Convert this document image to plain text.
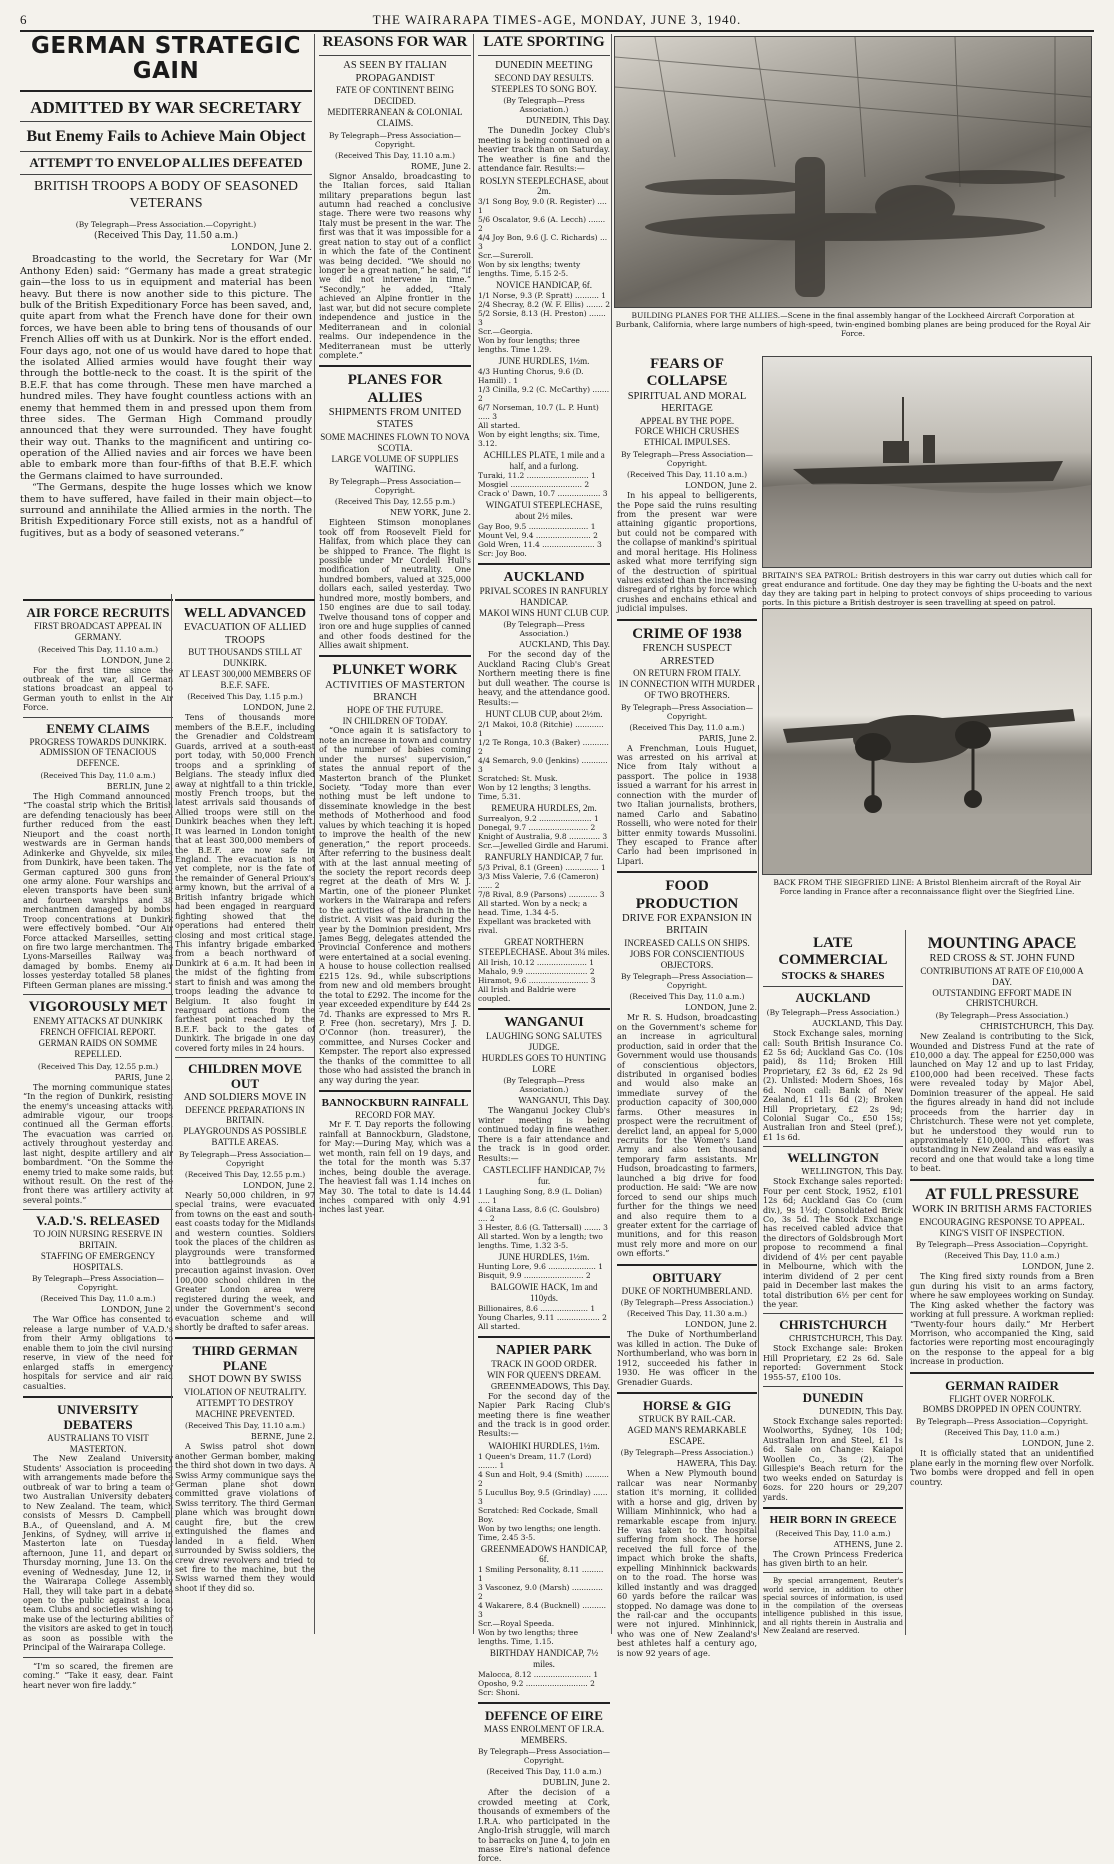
6	THE WAIRARAPA TIMES-AGE, MONDAY, JUNE 3, 1940.
GERMAN STRATEGIC GAIN
ADMITTED BY WAR SECRETARY
But Enemy Fails to Achieve Main Object
ATTEMPT TO ENVELOP ALLIES DEFEATED
BRITISH TROOPS A BODY OF SEASONED VETERANS
(By Telegraph—Press Association.—Copyright.)
(Received This Day, 11.50 a.m.)
LONDON, June 2.

Broadcasting to the world, the Secretary for War (Mr Anthony Eden) said: “Germany has made a great strategic gain—the loss to us in equipment and material has been heavy. But there is now another side to this picture. The bulk of the British Expeditionary Force has been saved, and, quite apart from what the French have done for their own forces, we have been able to bring tens of thousands of our French Allies off with us at Dunkirk. Nor is the effort ended. Four days ago, not one of us would have dared to hope that the isolated Allied armies would have fought their way through the bottle-neck to the coast. It is the spirit of the B.E.F. that has come through. These men have marched a hundred miles. They have fought countless actions with an enemy that hemmed them in and pressed upon them from three sides. The German High Command proudly announced that they were surrounded. They have fought their way out. Thanks to the magnificent and untiring co-operation of the Allied navies and air forces we have been able to embark more than four-fifths of that B.E.F. which the Germans claimed to have surrounded.

“The Germans, despite the huge losses which we know them to have suffered, have failed in their main object—to surround and annihilate the Allied armies in the north. The British Expeditionary Force still exists, not as a handful of fugitives, but as a body of seasoned veterans.”

AIR FORCE RECRUITS
FIRST BROADCAST APPEAL IN GERMANY.
(Received This Day, 11.10 a.m.)
LONDON, June 2.

For the first time since the outbreak of the war, all German stations broadcast an appeal to German youth to enlist in the Air Force.

ENEMY CLAIMS
PROGRESS TOWARDS DUNKIRK.
ADMISSION OF TENACIOUS DEFENCE.
(Received This Day, 11.0 a.m.)
BERLIN, June 2.

The High Command announced: “The coastal strip which the British are defending tenaciously has been further reduced from the east. Nieuport and the coast north-westwards are in German hands. Adinkerke and Ghyvelde, six miles from Dunkirk, have been taken. The German captured 300 guns from one army alone. Four warships and eleven transports have been sunk and fourteen warships and 38 merchantmen damaged by bombs. Troop concentrations at Dunkirk were effectively bombed. “Our Air Force attacked Marseilles, setting on fire two large merchantmen. The Lyons-Marseilles Railway was damaged by bombs. Enemy air losses yesterday totalled 58 planes. Fifteen German planes are missing.”

VIGOROUSLY MET
ENEMY ATTACKS AT DUNKIRK
FRENCH OFFICIAL REPORT.
GERMAN RAIDS ON SOMME REPELLED.
(Received This Day, 12.55 p.m.)
PARIS, June 2.

The morning communique states: “In the region of Dunkirk, resisting the enemy's unceasing attacks with admirable vigour, our troops continued all the German efforts. The evacuation was carried on actively throughout yesterday and last night, despite artillery and air bombardment. “On the Somme the enemy tried to make some raids, but without result. On the rest of the front there was artillery activity at several points.”

V.A.D.'S. RELEASED
TO JOIN NURSING RESERVE IN BRITAIN.
STAFFING OF EMERGENCY HOSPITALS.
By Telegraph—Press Association—Copyright.
(Received This Day, 11.0 a.m.)
LONDON, June 2.

The War Office has consented to release a large number of V.A.D.'s from their Army obligations to enable them to join the civil nursing reserve, in view of the need for enlarged staffs in emergency hospitals for service and air raid casualties.

UNIVERSITY DEBATERS
AUSTRALIANS TO VISIT MASTERTON.

The New Zealand University Students' Association is proceeding with arrangements made before the outbreak of war to bring a team of two Australian University debaters to New Zealand. The team, which consists of Messrs D. Campbell, B.A., of Queensland, and A. M. Jenkins, of Sydney, will arrive in Masterton late on Tuesday afternoon, June 11, and depart on Thursday morning, June 13. On the evening of Wednesday, June 12, in the Wairarapa College Assembly Hall, they will take part in a debate open to the public against a local team. Clubs and societies wishing to make use of the lecturing abilities of the visitors are asked to get in touch as soon as possible with the Principal of the Wairarapa College.

“I'm so scared, the firemen are coming.” “Take it easy, dear. Faint heart never won fire laddy.”

WELL ADVANCED
EVACUATION OF ALLIED TROOPS
BUT THOUSANDS STILL AT DUNKIRK.
AT LEAST 300,000 MEMBERS OF B.E.F. SAFE.
(Received This Day, 1.15 p.m.)
LONDON, June 2.

Tens of thousands more members of the B.E.F., including the Grenadier and Coldstream Guards, arrived at a south-east port today, with 50,000 French troops and a sprinkling of Belgians. The steady influx died away at nightfall to a thin trickle, mostly French troops, but the latest arrivals said thousands of Allied troops were still on the Dunkirk beaches when they left. It was learned in London tonight that at least 300,000 members of the B.E.F. are now safe in England. The evacuation is not yet complete, nor is the fate of the remainder of General Prioux's army known, but the arrival of a British infantry brigade which had been engaged in rearguard fighting showed that the operations had entered their closing and most critical stage. This infantry brigade embarked from a beach northward of Dunkirk at 6 a.m. It had been in the midst of the fighting from start to finish and was among the troops leading the advance to Belgium. It also fought in rearguard actions from the farthest point reached by the B.E.F. back to the gates of Dunkirk. The brigade in one day covered forty miles in 24 hours.

CHILDREN MOVE OUT
AND SOLDIERS MOVE IN
DEFENCE PREPARATIONS IN BRITAIN.
PLAYGROUNDS AS POSSIBLE BATTLE AREAS.
By Telegraph—Press Association—Copyright
(Received This Day, 12.55 p.m.)
LONDON, June 2.

Nearly 50,000 children, in 97 special trains, were evacuated from towns on the east and south-east coasts today for the Midlands and western counties. Soldiers took the places of the children as playgrounds were transformed into battlegrounds as a precaution against invasion. Over 100,000 school children in the Greater London area were registered during the week, and under the Government's second evacuation scheme and will shortly be drafted to safer areas.

THIRD GERMAN PLANE
SHOT DOWN BY SWISS
VIOLATION OF NEUTRALITY.
ATTEMPT TO DESTROY MACHINE PREVENTED.
(Received This Day, 11.10 a.m.)
BERNE, June 2.

A Swiss patrol shot down another German bomber, making the third shot down in two days. A Swiss Army communique says the German plane shot down committed grave violations of Swiss territory. The third German plane which was brought down caught fire, but the crew extinguished the flames and landed in a field. When surrounded by Swiss soldiers, the crew drew revolvers and tried to set fire to the machine, but the Swiss warned them they would shoot if they did so.

REASONS FOR WAR
AS SEEN BY ITALIAN PROPAGANDIST
FATE OF CONTINENT BEING DECIDED.
MEDITERRANEAN & COLONIAL CLAIMS.
By Telegraph—Press Association—Copyright.
(Received This Day, 11.10 a.m.)
ROME, June 2.

Signor Ansaldo, broadcasting to the Italian forces, said Italian military preparations begun last autumn had reached a conclusive stage. There were two reasons why Italy must be present in the war. The first was that it was impossible for a great nation to stay out of a conflict in which the fate of the Continent was being decided. “We should no longer be a great nation,” he said, “if we did not intervene in time.” “Secondly,” he added, “Italy achieved an Alpine frontier in the last war, but did not secure complete independence and justice in the Mediterranean and in colonial realms. Our independence in the Mediterranean must be utterly complete.”

PLANES FOR ALLIES
SHIPMENTS FROM UNITED STATES
SOME MACHINES FLOWN TO NOVA SCOTIA.
LARGE VOLUME OF SUPPLIES WAITING.
By Telegraph—Press Association—Copyright.
(Received This Day, 12.55 p.m.)
NEW YORK, June 2.

Eighteen Stimson monoplanes took off from Roosevelt Field for Halifax, from which place they can be shipped to France. The flight is possible under Mr Cordell Hull's modification of neutrality. One hundred bombers, valued at 325,000 dollars each, sailed yesterday. Two hundred more, mostly bombers, and 150 engines are due to sail today. Twelve thousand tons of copper and iron ore and huge supplies of canned and other foods destined for the Allies await shipment.

PLUNKET WORK
ACTIVITIES OF MASTERTON BRANCH
HOPE OF THE FUTURE.
IN CHILDREN OF TODAY.

“Once again it is satisfactory to note an increase in town and country of the number of babies coming under the nurses' supervision,” states the annual report of the Masterton branch of the Plunket Society. “Today more than ever nothing must be left undone to disseminate knowledge in the best methods of Motherhood and food values by which teaching it is hoped to improve the health of the new generation,” the report proceeds. After referring to the business dealt with at the last annual meeting of the society the report records deep regret at the death of Mrs W. J. Martin, one of the pioneer Plunket workers in the Wairarapa and refers to the activities of the branch in the district. A visit was paid during the year by the Dominion president, Mrs James Begg, delegates attended the Provincial Conference and mothers were entertained at a social evening. A house to house collection realised £215 12s. 9d., while subscriptions from new and old members brought the total to £292. The income for the year exceeded expenditure by £44 2s 7d. Thanks are expressed to Mrs R. P. Free (hon. secretary), Mrs J. D. O'Connor (hon. treasurer), the committee, and Nurses Cocker and Kempster. The report also expressed the thanks of the committee to all those who had assisted the branch in any way during the year.

BANNOCKBURN RAINFALL
RECORD FOR MAY.

Mr F. T. Day reports the following rainfall at Bannockburn, Gladstone, for May:—During May, which was a wet month, rain fell on 19 days, and the total for the month was 5.37 inches, being double the average. The heaviest fall was 1.14 inches on May 30. The total to date is 14.44 inches compared with only 4.91 inches last year.

LATE SPORTING
DUNEDIN MEETING
SECOND DAY RESULTS.
STEEPLES TO SONG BOY.
(By Telegraph—Press Association.)
DUNEDIN, This Day.

The Dunedin Jockey Club's meeting is being continued on a heavier track than on Saturday. The weather is fine and the attendance fair. Results:—

ROSLYN STEEPLECHASE, about 2m.
3/1 Song Boy, 9.0 (R. Register) .... 1
5/6 Oscalator, 9.6 (A. Lecch) ....... 2
4/4 Joy Bon, 9.6 (J. C. Richards) ... 3
Scr.—Sureroll.
Won by six lengths; twenty lengths. Time, 5.15 2-5.
NOVICE HANDICAP, 6f.
1/1 Norse, 9.3 (P. Spratt) .......... 1
2/4 Shecray, 8.2 (W. F. Ellis) ....... 2
5/2 Sorsie, 8.13 (H. Preston) ....... 3
Scr.—Georgia.
Won by four lengths; three lengths. Time 1.29.
JUNE HURDLES, 1½m.
4/3 Hunting Chorus, 9.6 (D. Hamill) . 1
1/3 Cinilla, 9.2 (C. McCarthy) ....... 2
6/7 Norseman, 10.7 (L. P. Hunt) ..... 3
All started.
Won by eight lengths; six. Time, 3.12.
ACHILLES PLATE, 1 mile and a half, and a furlong.
Turaki, 11.2 .......................... 1
Mosgiel .............................. 2
Crack o' Dawn, 10.7 .................. 3
WINGATUI STEEPLECHASE, about 2½ miles.
Gay Boo, 9.5 ......................... 1
Mount Vel, 9.4 ....................... 2
Gold Wren, 11.4 ...................... 3
Scr: Joy Boo.
AUCKLAND
PRIVAL SCORES IN RANFURLY HANDICAP.
MAKOI WINS HUNT CLUB CUP.
(By Telegraph—Press Association.)
AUCKLAND, This Day.

For the second day of the Auckland Racing Club's Great Northern meeting there is fine but dull weather. The course is heavy, and the attendance good. Results:—

HUNT CLUB CUP, about 2½m.
2/1 Makoi, 10.8 (Ritchie) ............ 1
1/2 Te Ronga, 10.3 (Baker) ........... 2
4/4 Semarch, 9.0 (Jenkins) ........... 3
Scratched: St. Musk.
Won by 12 lengths; 3 lengths. Time, 5.31.
REMEURA HURDLES, 2m.
Surrealyon, 9.2 ...................... 1
Donegal, 9.7 ......................... 2
Knight of Australia, 9.8 ............. 3
Scr.—Jewelled Girdle and Harumi.
RANFURLY HANDICAP, 7 fur.
5/3 Prival, 8.1 (Green) .............. 1
3/3 Miss Valerie, 7.6 (Cameron) ...... 2
7/8 Rival, 8.9 (Parsons) ............ 3
All started. Won by a neck; a head. Time, 1.34 4-5.
Expellant was bracketed with rival.
GREAT NORTHERN STEEPLECHASE. About 3¼ miles.
All Irish, 10.12 ..................... 1
Mahalo, 9.9 .......................... 2
Hiramot, 9.6 ......................... 3
All Irish and Baldrie were coupled.
WANGANUI
LAUGHING SONG SALUTES JUDGE.
HURDLES GOES TO HUNTING LORE
(By Telegraph—Press Association.)
WANGANUI, This Day.

The Wanganui Jockey Club's winter meeting is being continued today in fine weather. There is a fair attendance and the track is in good order. Results:—

CASTLECLIFF HANDICAP, 7½ fur.
1 Laughing Song, 8.9 (L. Dolian) ..... 1
4 Gitana Lass, 8.6 (C. Goulsbro) .... 2
3 Hester, 8.6 (G. Tattersall) ....... 3
All started. Won by a length; two lengths. Time, 1.32 3-5.
JUNE HURDLES, 1½m.
Hunting Lore, 9.6 .................... 1
Bisquit, 9.9 ......................... 2
BALGOWIE HACK, 1m and 110yds.
Billionaires, 8.6 .................... 1
Young Charles, 9.11 .................. 2
All started.
NAPIER PARK
TRACK IN GOOD ORDER.
WIN FOR QUEEN'S DREAM.
GREENMEADOWS, This Day.

For the second day of the Napier Park Racing Club's meeting there is fine weather and the track is in good order. Results:—

WAIOHIKI HURDLES, 1½m.
1 Queen's Dream, 11.7 (Lord) ........ 1
4 Sun and Holt, 9.4 (Smith) .......... 2
5 Lucullus Boy, 9.5 (Grindlay) ...... 3
Scratched: Red Cockade, Small Boy.
Won by two lengths; one length. Time, 2.45 3-5.
GREENMEADOWS HANDICAP, 6f.
1 Smiling Personality, 8.11 ......... 1
3 Vasconez, 9.0 (Marsh) ............. 2
4 Wakarere, 8.4 (Bucknell) .......... 3
Scr.—Royal Speeda.
Won by two lengths; three lengths. Time, 1.15.
BIRTHDAY HANDICAP, 7½ miles.
Malocca, 8.12 ........................ 1
Oposho, 9.2 .......................... 2
Scr: Shoni.
DEFENCE OF EIRE
MASS ENROLMENT OF I.R.A. MEMBERS.
By Telegraph—Press Association—Copyright.
(Received This Day, 11.0 a.m.)
DUBLIN, June 2.

After the decision of a crowded meeting at Cork, thousands of exmembers of the I.R.A. who participated in the Anglo-Irish struggle, will march to barracks on June 4, to join en masse Eire's national defence force.

BUILDING PLANES FOR THE ALLIES.—Scene in the final assembly hangar of the Lockheed Aircraft Corporation at Burbank, California, where large numbers of high-speed, twin-engined bombing planes are being produced for the Royal Air Force.
FEARS OF COLLAPSE
SPIRITUAL AND MORAL HERITAGE
APPEAL BY THE POPE.
FORCE WHICH CRUSHES ETHICAL IMPULSES.
By Telegraph—Press Association—Copyright.
(Received This Day, 11.10 a.m.)
LONDON, June 2.

In his appeal to belligerents, the Pope said the ruins resulting from the present war were attaining gigantic proportions, but could not be compared with the collapse of mankind's spiritual and moral heritage. His Holiness asked what more terrifying sign of the destruction of spiritual values existed than the increasing disregard of rights by force which crushes and enchains ethical and judicial impulses.

CRIME OF 1938
FRENCH SUSPECT ARRESTED
ON RETURN FROM ITALY.
IN CONNECTION WITH MURDER OF TWO BROTHERS.
By Telegraph—Press Association—Copyright.
(Received This Day, 11.0 a.m.)
PARIS, June 2.

A Frenchman, Louis Huguet, was arrested on his arrival at Nice from Italy without a passport. The police in 1938 issued a warrant for his arrest in connection with the murder of two Italian journalists, brothers, named Carlo and Sabatino Rosselli, who were noted for their bitter enmity towards Mussolini. They escaped to France after Carlo had been imprisoned in Lipari.

FOOD PRODUCTION
DRIVE FOR EXPANSION IN BRITAIN
INCREASED CALLS ON SHIPS.
JOBS FOR CONSCIENTIOUS OBJECTORS.
By Telegraph—Press Association—Copyright.
(Received This Day, 11.0 a.m.)
LONDON, June 2.

Mr R. S. Hudson, broadcasting on the Government's scheme for an increase in agricultural production, said in order that the Government would use thousands of conscientious objectors, distributed in organised bodies and would also make an immediate survey of the production capacity of 300,000 farms. Other measures in prospect were the recruitment of derelict land, an appeal for 5,000 recruits for the Women's Land Army and also ten thousand temporary farm assistants. Mr Hudson, broadcasting to farmers, launched a big drive for food production. He said: “We are now forced to send our ships much further for the things we need and also require them to a greater extent for the carriage of munitions, and for this reason must rely more and more on our own efforts.”

OBITUARY
DUKE OF NORTHUMBERLAND.
(By Telegraph—Press Association.)
(Received This Day, 11.30 a.m.)
LONDON, June 2.

The Duke of Northumberland was killed in action. The Duke of Northumberland, who was born in 1912, succeeded his father in 1930. He was officer in the Grenadier Guards.

HORSE & GIG
STRUCK BY RAIL-CAR.
AGED MAN'S REMARKABLE ESCAPE.
(By Telegraph—Press Association.)
HAWERA, This Day.

When a New Plymouth bound railcar was near Normanby station it's morning, it collided with a horse and gig, driven by William Minhinnick, who had a remarkable escape from injury. He was taken to the hospital suffering from shock. The horse received the full force of the impact which broke the shafts, expelling Minhinnick backwards on to the road. The horse was killed instantly and was dragged 60 yards before the railcar was stopped. No damage was done to the rail-car and the occupants were not injured. Minhinnick, who was one of New Zealand's best athletes half a century ago, is now 92 years of age.

BRITAIN'S SEA PATROL: British destroyers in this war carry out duties which call for great endurance and fortitude. One day they may be fighting the U-boats and the next day they are taking part in helping to protect convoys of ships proceeding to various ports. In this picture a British destroyer is seen travelling at speed on patrol.
BACK FROM THE SIEGFRIED LINE: A Bristol Blenheim aircraft of the Royal Air Force landing in France after a reconnaissance flight over the Siegfried Line.
LATE COMMERCIAL
STOCKS & SHARES
AUCKLAND
(By Telegraph—Press Association.)
AUCKLAND, This Day.

Stock Exchange sales, morning call: South British Insurance Co. £2 5s 6d; Auckland Gas Co. (10s paid), 8s 11d; Broken Hill Proprietary, £2 3s 6d, £2 2s 9d (2). Unlisted: Modern Shoes, 16s 6d. Noon call: Bank of New Zealand, £1 11s 6d (2); Broken Hill Proprietary, £2 2s 9d; Colonial Sugar Co., £50 15s; Australian Iron and Steel (pref.), £1 1s 6d.

WELLINGTON
WELLINGTON, This Day.

Stock Exchange sales reported: Four per cent Stock, 1952, £101 12s 6d; Auckland Gas Co (cum div.), 9s 1½d; Consolidated Brick Co, 3s 5d. The Stock Exchange has received cabled advice that the directors of Goldsbrough Mort propose to recommend a final dividend of 4½ per cent payable in Melbourne, which with the interim dividend of 2 per cent paid in December last makes the total distribution 6½ per cent for the year.

CHRISTCHURCH
CHRISTCHURCH, This Day.

Stock Exchange sale: Broken Hill Proprietary, £2 2s 6d. Sale reported: Government Stock 1955-57, £100 10s.

DUNEDIN
DUNEDIN, This Day.

Stock Exchange sales reported: Woolworths, Sydney, 10s 10d; Australian Iron and Steel, £1 1s 6d. Sale on Change: Kaiapoi Woollen Co., 3s (2). The Gillespie's Beach return for the two weeks ended on Saturday is 6ozs. for 220 hours or 29,207 yards.

HEIR BORN IN GREECE
(Received This Day, 11.0 a.m.)
ATHENS, June 2.

The Crown Princess Frederica has given birth to an heir.

By special arrangement, Reuter's world service, in addition to other special sources of information, is used in the compilation of the overseas intelligence published in this issue, and all rights therein in Australia and New Zealand are reserved.

MOUNTING APACE
RED CROSS & ST. JOHN FUND
CONTRIBUTIONS AT RATE OF £10,000 A DAY.
OUTSTANDING EFFORT MADE IN CHRISTCHURCH.
(By Telegraph—Press Association.)
CHRISTCHURCH, This Day.

New Zealand is contributing to the Sick, Wounded and Distress Fund at the rate of £10,000 a day. The appeal for £250,000 was launched on May 12 and up to last Friday, £100,000 had been received. These facts were revealed today by Major Abel, Dominion treasurer of the appeal. He said the figures already in hand did not include proceeds from the harrier day in Christchurch. These were not yet complete, but he understood they would run to approximately £10,000. This effort was outstanding in New Zealand and was easily a record and one that would take a long time to beat.

AT FULL PRESSURE
WORK IN BRITISH ARMS FACTORIES
ENCOURAGING RESPONSE TO APPEAL.
KING'S VISIT OF INSPECTION.
By Telegraph—Press Association—Copyright.
(Received This Day, 11.0 a.m.)
LONDON, June 2.

The King fired sixty rounds from a Bren gun during his visit to an arms factory, where he saw employees working on Sunday. The King asked whether the factory was working at full pressure. A workman replied: “Twenty-four hours daily.” Mr Herbert Morrison, who accompanied the King, said factories were reporting most encouragingly on the response to the appeal for a big increase in production.

GERMAN RAIDER
FLIGHT OVER NORFOLK.
BOMBS DROPPED IN OPEN COUNTRY.
By Telegraph—Press Association—Copyright.
(Received This Day, 11.0 a.m.)
LONDON, June 2.

It is officially stated that an unidentified plane early in the morning flew over Norfolk. Two bombs were dropped and fell in open country.
